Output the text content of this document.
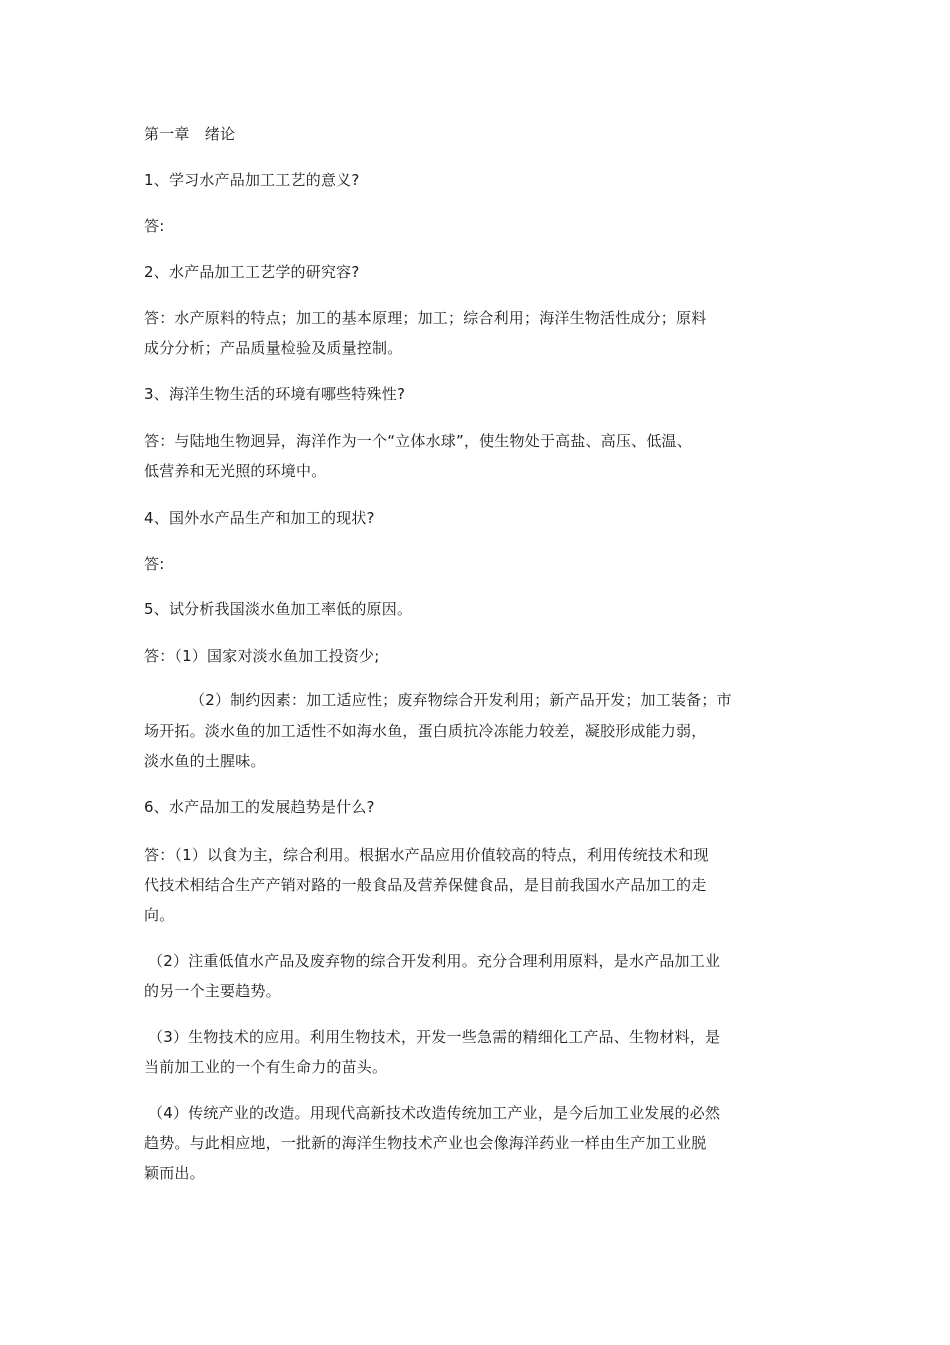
第一章　绪论
1、学习水产品加工工艺的意义?
答:
2、水产品加工工艺学的研究容?
答：水产原料的特点；加工的基本原理；加工；综合利用；海洋生物活性成分；原料
成分分析；产品质量检验及质量控制。
3、海洋生物生活的环境有哪些特殊性?
答：与陆地生物迥异，海洋作为一个“立体水球”，使生物处于高盐、高压、低温、
低营养和无光照的环境中。
4、国外水产品生产和加工的现状?
答:
5、试分析我国淡水鱼加工率低的原因。
答：（1）国家对淡水鱼加工投资少;
（2）制约因素：加工适应性；废弃物综合开发利用；新产品开发；加工装备；市
场开拓。淡水鱼的加工适性不如海水鱼，蛋白质抗冷冻能力较差，凝胶形成能力弱，
淡水鱼的土腥味。
6、水产品加工的发展趋势是什么?
答：（1）以食为主，综合利用。根据水产品应用价值较高的特点，利用传统技术和现
代技术相结合生产产销对路的一般食品及营养保健食品，是目前我国水产品加工的走
向。
（2）注重低值水产品及废弃物的综合开发利用。充分合理利用原料，是水产品加工业
的另一个主要趋势。
（3）生物技术的应用。利用生物技术，开发一些急需的精细化工产品、生物材料，是
当前加工业的一个有生命力的苗头。
（4）传统产业的改造。用现代高新技术改造传统加工产业，是今后加工业发展的必然
趋势。与此相应地，一批新的海洋生物技术产业也会像海洋药业一样由生产加工业脱
颖而出。
